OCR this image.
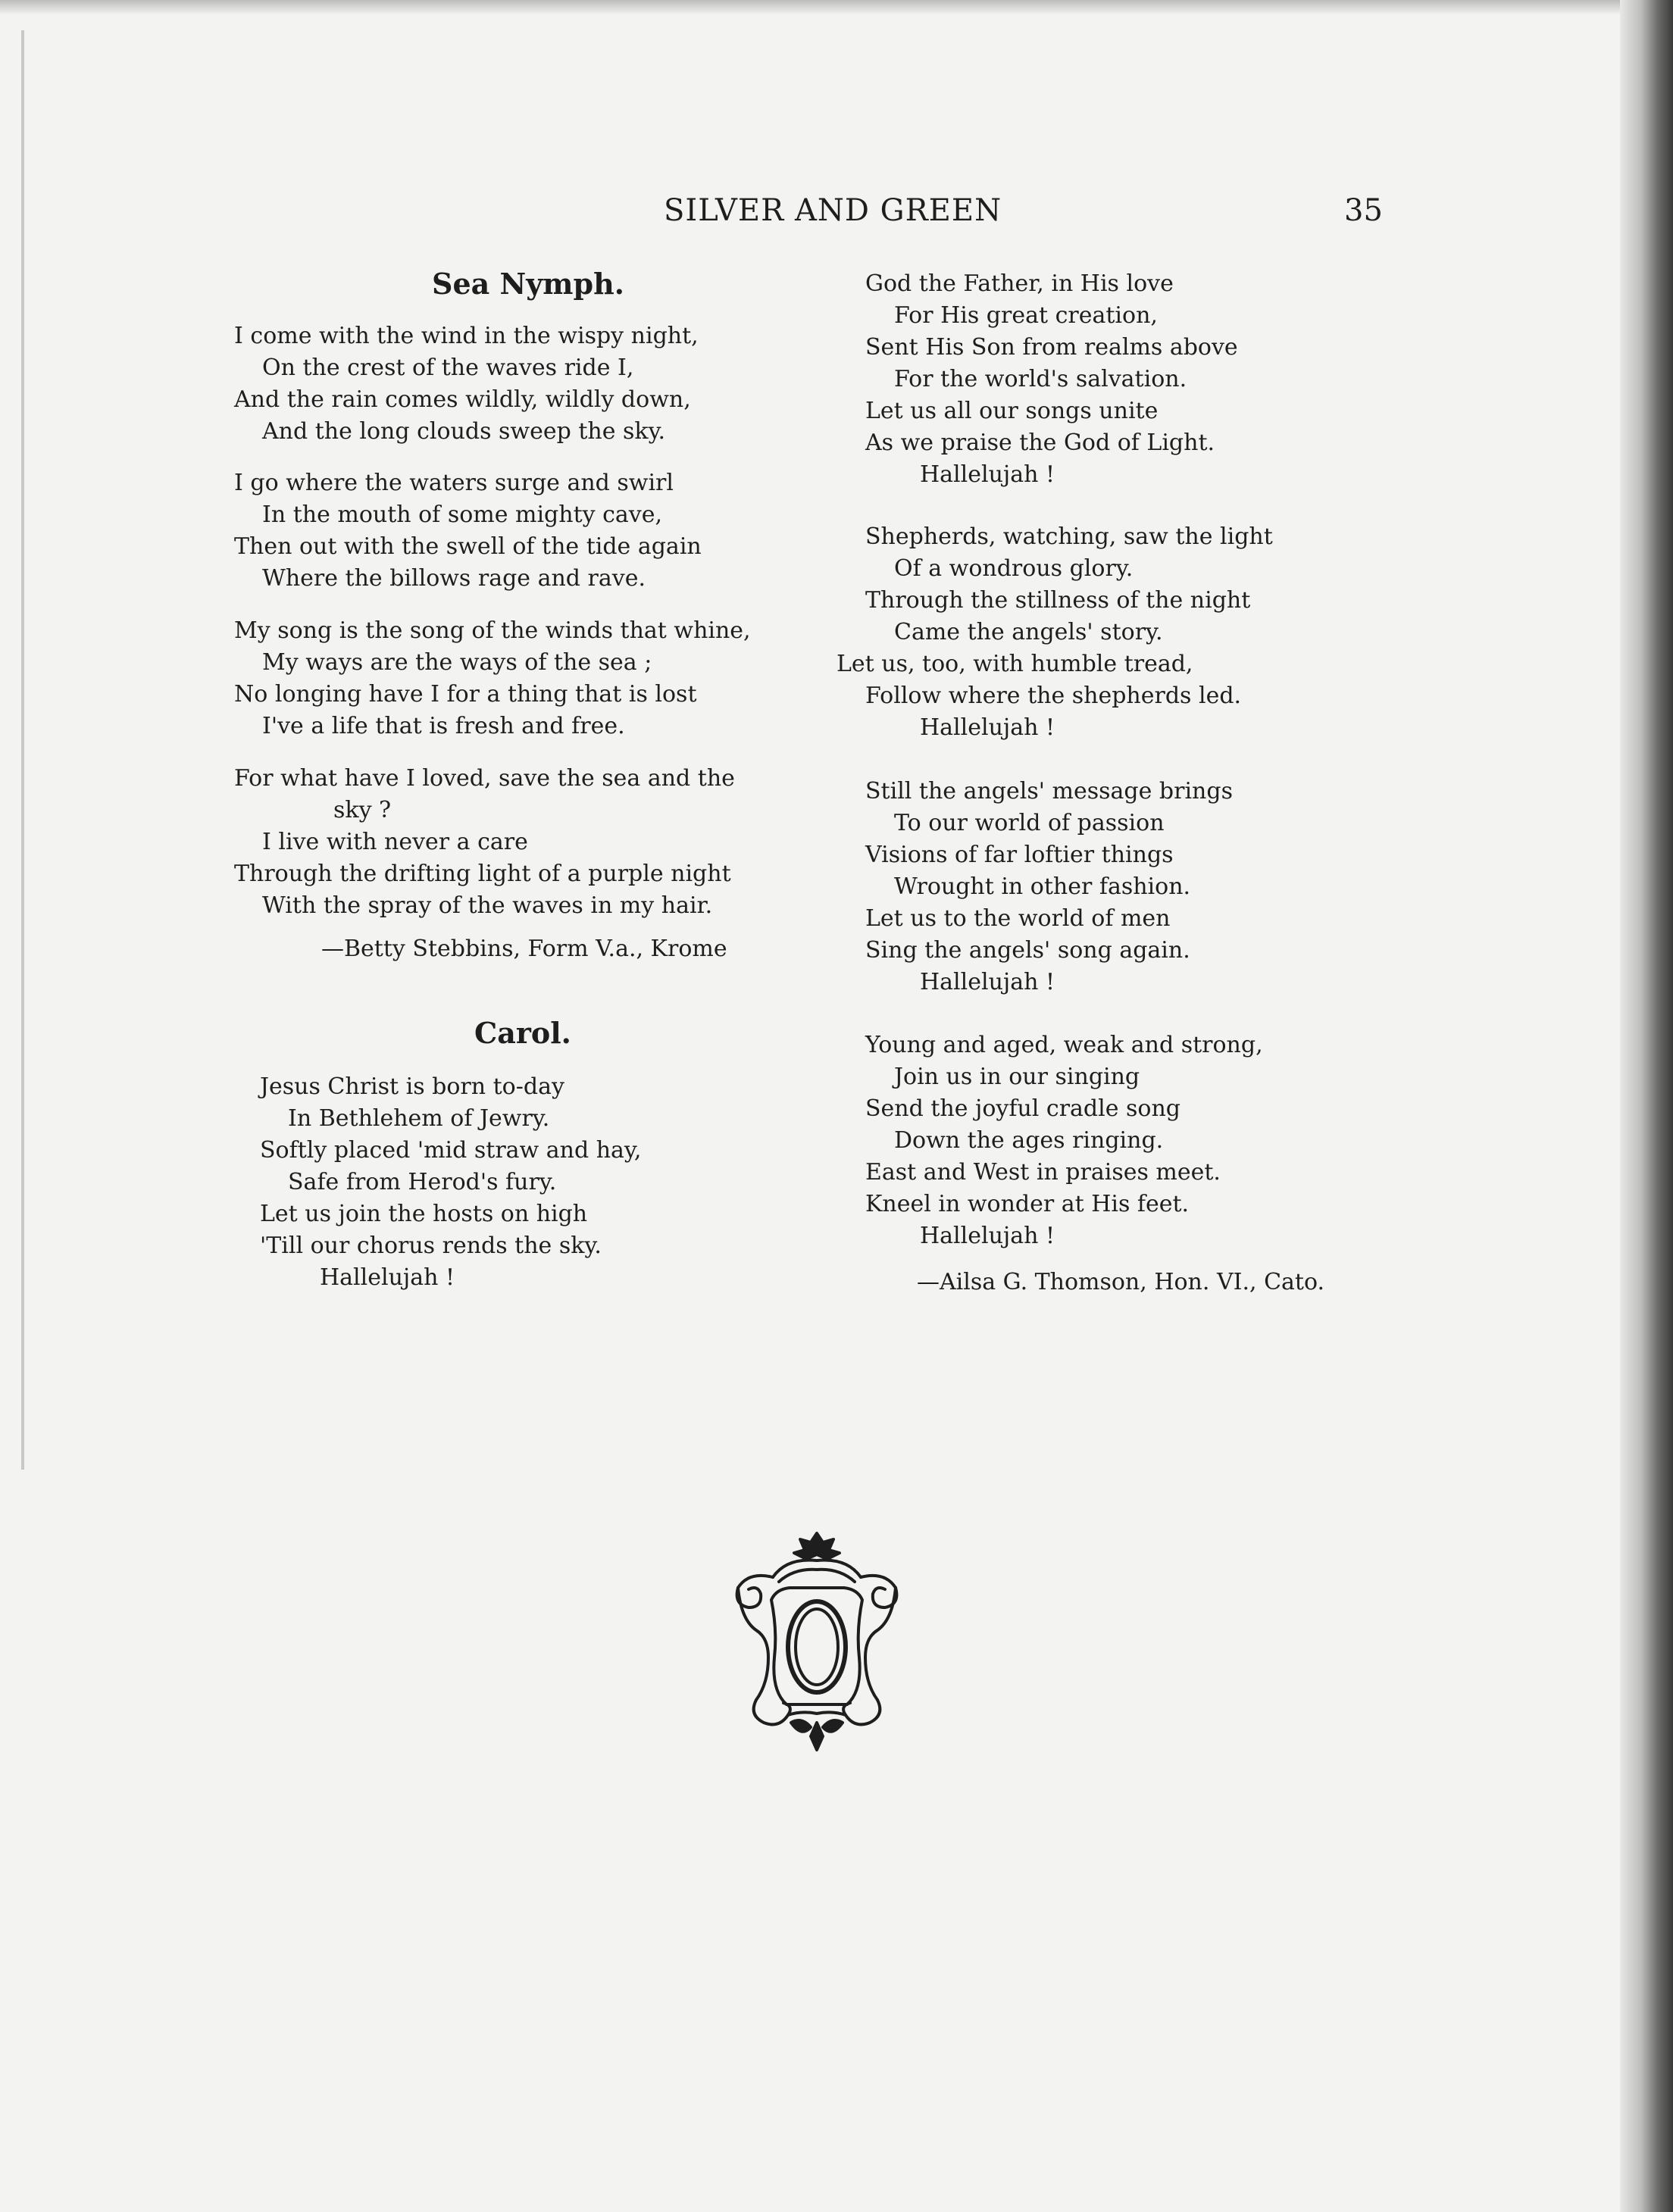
SILVER AND GREEN	35
Sea Nymph.
I come with the wind in the wispy night,
On the crest of the waves ride I,
And the rain comes wildly, wildly down,
And the long clouds sweep the sky.
I go where the waters surge and swirl
In the mouth of some mighty cave,
Then out with the swell of the tide again
Where the billows rage and rave.
My song is the song of the winds that whine,
My ways are the ways of the sea ;
No longing have I for a thing that is lost
I've a life that is fresh and free.
For what have I loved, save the sea and the
sky ?
I live with never a care
Through the drifting light of a purple night
With the spray of the waves in my hair.
—Betty Stebbins, Form V.a., Krome
Carol.
Jesus Christ is born to-day
In Bethlehem of Jewry.
Softly placed 'mid straw and hay,
Safe from Herod's fury.
Let us join the hosts on high
'Till our chorus rends the sky.
Hallelujah !
God the Father, in His love
For His great creation,
Sent His Son from realms above
For the world's salvation.
Let us all our songs unite
As we praise the God of Light.
Hallelujah !
Shepherds, watching, saw the light
Of a wondrous glory.
Through the stillness of the night
Came the angels' story.
Let us, too, with humble tread,
Follow where the shepherds led.
Hallelujah !
Still the angels' message brings
To our world of passion
Visions of far loftier things
Wrought in other fashion.
Let us to the world of men
Sing the angels' song again.
Hallelujah !
Young and aged, weak and strong,
Join us in our singing
Send the joyful cradle song
Down the ages ringing.
East and West in praises meet.
Kneel in wonder at His feet.
Hallelujah !
—Ailsa G. Thomson, Hon. VI., Cato.
